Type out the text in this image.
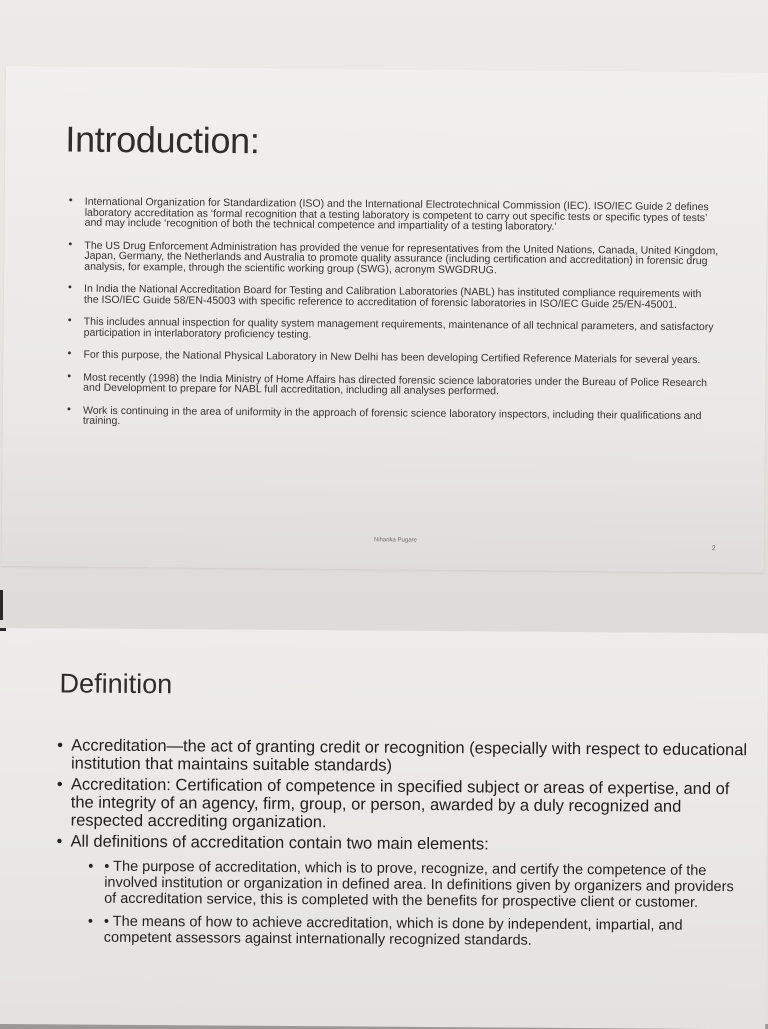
Introduction:
• International Organization for Standardization (ISO) and the International Electrotechnical Commission (IEC). ISO/IEC Guide 2 defines laboratory accreditation as ‘formal recognition that a testing laboratory is competent to carry out specific tests or specific types of tests’ and may include ‘recognition of both the technical competence and impartiality of a testing laboratory.’
• The US Drug Enforcement Administration has provided the venue for representatives from the United Nations, Canada, United Kingdom, Japan, Germany, the Netherlands and Australia to promote quality assurance (including certification and accreditation) in forensic drug analysis, for example, through the scientific working group (SWG), acronym SWGDRUG.
• In India the National Accreditation Board for Testing and Calibration Laboratories (NABL) has instituted compliance requirements with the ISO/IEC Guide 58/EN-45003 with specific reference to accreditation of forensic laboratories in ISO/IEC Guide 25/EN-45001.
• This includes annual inspection for quality system management requirements, maintenance of all technical parameters, and satisfactory participation in interlaboratory proficiency testing.
• For this purpose, the National Physical Laboratory in New Delhi has been developing Certified Reference Materials for several years.
• Most recently (1998) the India Ministry of Home Affairs has directed forensic science laboratories under the Bureau of Police Research and Development to prepare for NABL full accreditation, including all analyses performed.
• Work is continuing in the area of uniformity in the approach of forensic science laboratory inspectors, including their qualifications and training.
Niharika Pugare
2
Definition
• Accreditation—the act of granting credit or recognition (especially with respect to educational institution that maintains suitable standards)
• Accreditation: Certification of competence in specified subject or areas of expertise, and of the integrity of an agency, firm, group, or person, awarded by a duly recognized and respected accrediting organization.
• All definitions of accreditation contain two main elements:
• • The purpose of accreditation, which is to prove, recognize, and certify the competence of the involved institution or organization in defined area. In definitions given by organizers and providers of accreditation service, this is completed with the benefits for prospective client or customer.
• • The means of how to achieve accreditation, which is done by independent, impartial, and competent assessors against internationally recognized standards.
